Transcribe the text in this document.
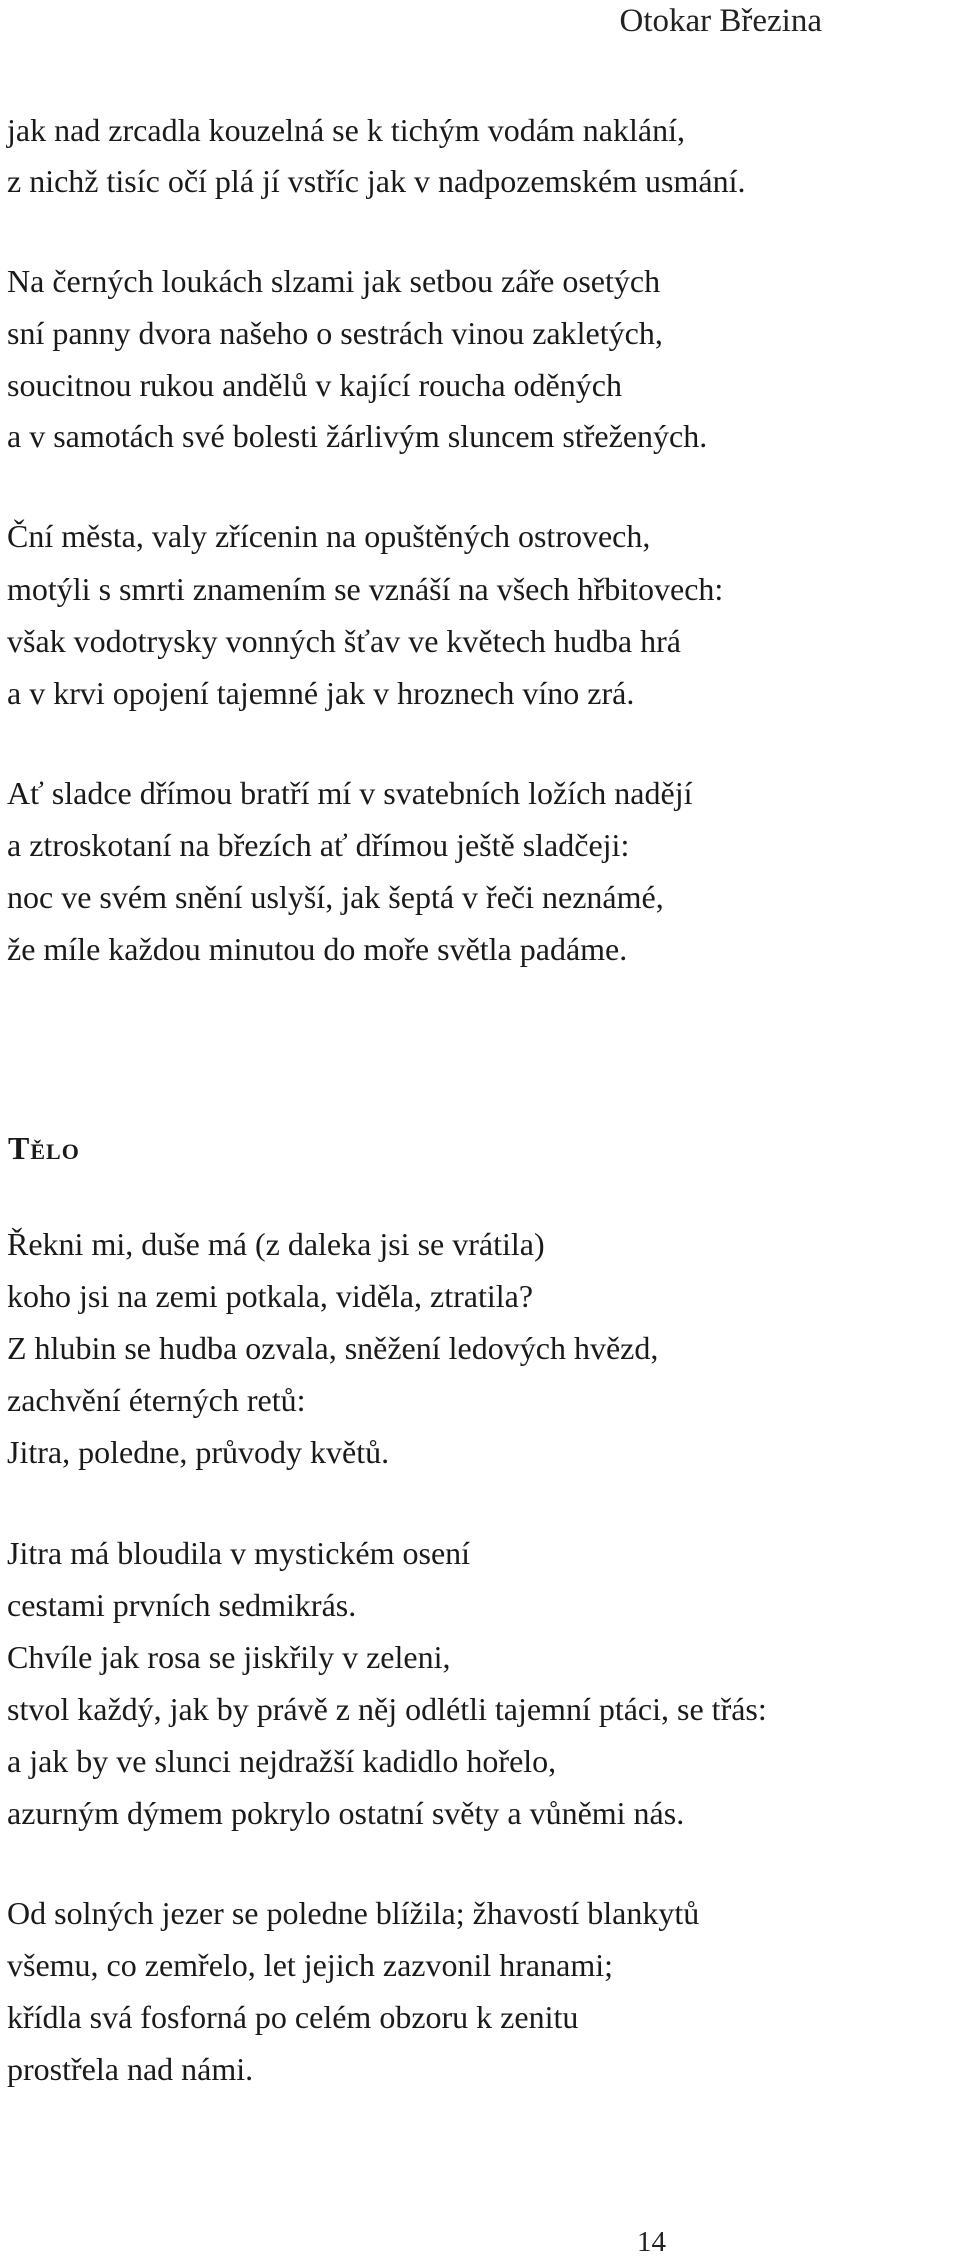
Otokar Březina
jak nad zrcadla kouzelná se k tichým vodám naklání,
z nichž tisíc očí plá jí vstříc jak v nadpozemském usmání.
Na černých loukách slzami jak setbou záře osetých
sní panny dvora našeho o sestrách vinou zakletých,
soucitnou rukou andělů v kající roucha oděných
a v samotách své bolesti žárlivým sluncem střežených.
Ční města, valy zřícenin na opuštěných ostrovech,
motýli s smrti znamením se vznáší na všech hřbitovech:
však vodotrysky vonných šťav ve květech hudba hrá
a v krvi opojení tajemné jak v hroznech víno zrá.
Ať sladce dřímou bratří mí v svatebních ložích nadějí
a ztroskotaní na březích ať dřímou ještě sladčeji:
noc ve svém snění uslyší, jak šeptá v řeči neznámé,
že míle každou minutou do moře světla padáme.
Tělo
Řekni mi, duše má (z daleka jsi se vrátila)
koho jsi na zemi potkala, viděla, ztratila?
Z hlubin se hudba ozvala, sněžení ledových hvězd,
zachvění éterných retů:
Jitra, poledne, průvody květů.
Jitra má bloudila v mystickém osení
cestami prvních sedmikrás.
Chvíle jak rosa se jiskřily v zeleni,
stvol každý, jak by právě z něj odlétli tajemní ptáci, se třás:
a jak by ve slunci nejdražší kadidlo hořelo,
azurným dýmem pokrylo ostatní světy a vůněmi nás.
Od solných jezer se poledne blížila; žhavostí blankytů
všemu, co zemřelo, let jejich zazvonil hranami;
křídla svá fosforná po celém obzoru k zenitu
prostřela nad námi.
14
